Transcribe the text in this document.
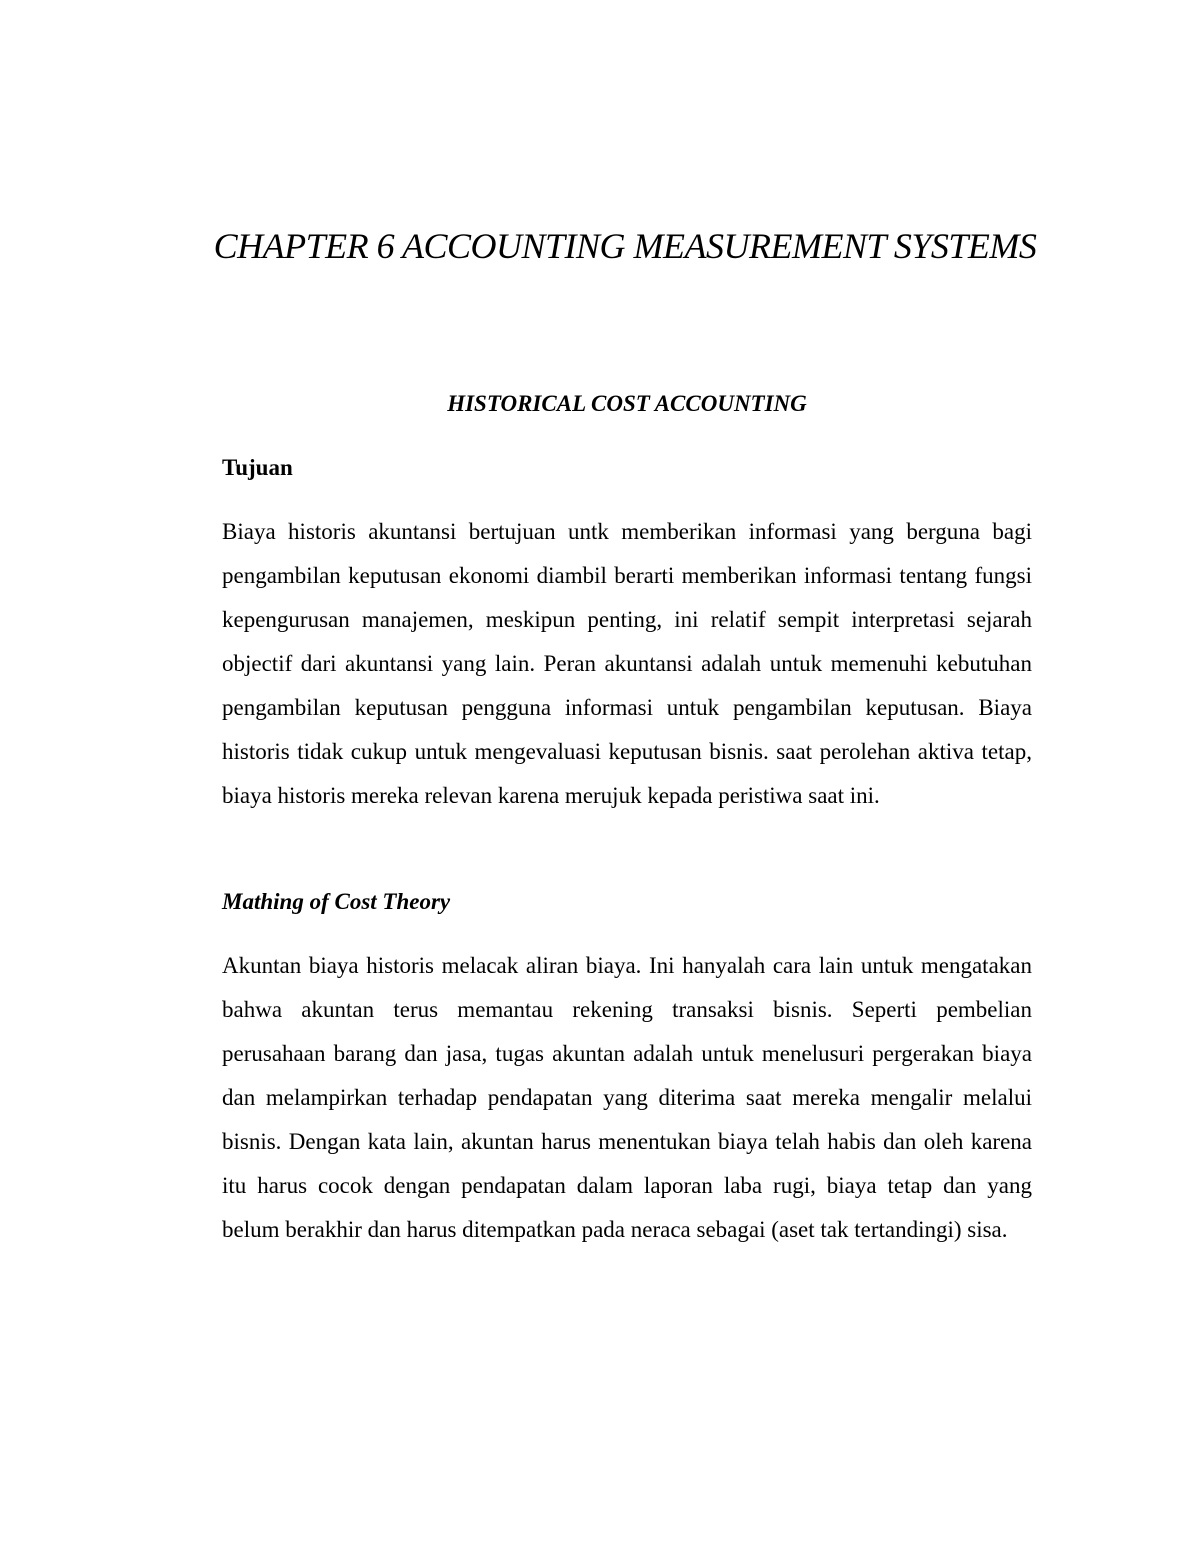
CHAPTER 6 ACCOUNTING MEASUREMENT SYSTEMS
HISTORICAL COST ACCOUNTING
Tujuan

Biaya historis akuntansi bertujuan untk memberikan informasi yang berguna bagi pengambilan keputusan ekonomi diambil berarti memberikan informasi tentang fungsi kepengurusan manajemen, meskipun penting, ini relatif sempit interpretasi sejarah objectif dari akuntansi yang lain. Peran akuntansi adalah untuk memenuhi kebutuhan pengambilan keputusan pengguna informasi untuk pengambilan keputusan. Biaya historis tidak cukup untuk mengevaluasi keputusan bisnis. saat perolehan aktiva tetap, biaya historis mereka relevan karena merujuk kepada peristiwa saat ini.

Mathing of Cost Theory

Akuntan biaya historis melacak aliran biaya. Ini hanyalah cara lain untuk mengatakan bahwa akuntan terus memantau rekening transaksi bisnis. Seperti pembelian perusahaan barang dan jasa, tugas akuntan adalah untuk menelusuri pergerakan biaya dan melampirkan terhadap pendapatan yang diterima saat mereka mengalir melalui bisnis. Dengan kata lain, akuntan harus menentukan biaya telah habis dan oleh karena itu harus cocok dengan pendapatan dalam laporan laba rugi, biaya tetap dan yang belum berakhir dan harus ditempatkan pada neraca sebagai (aset tak tertandingi) sisa.
